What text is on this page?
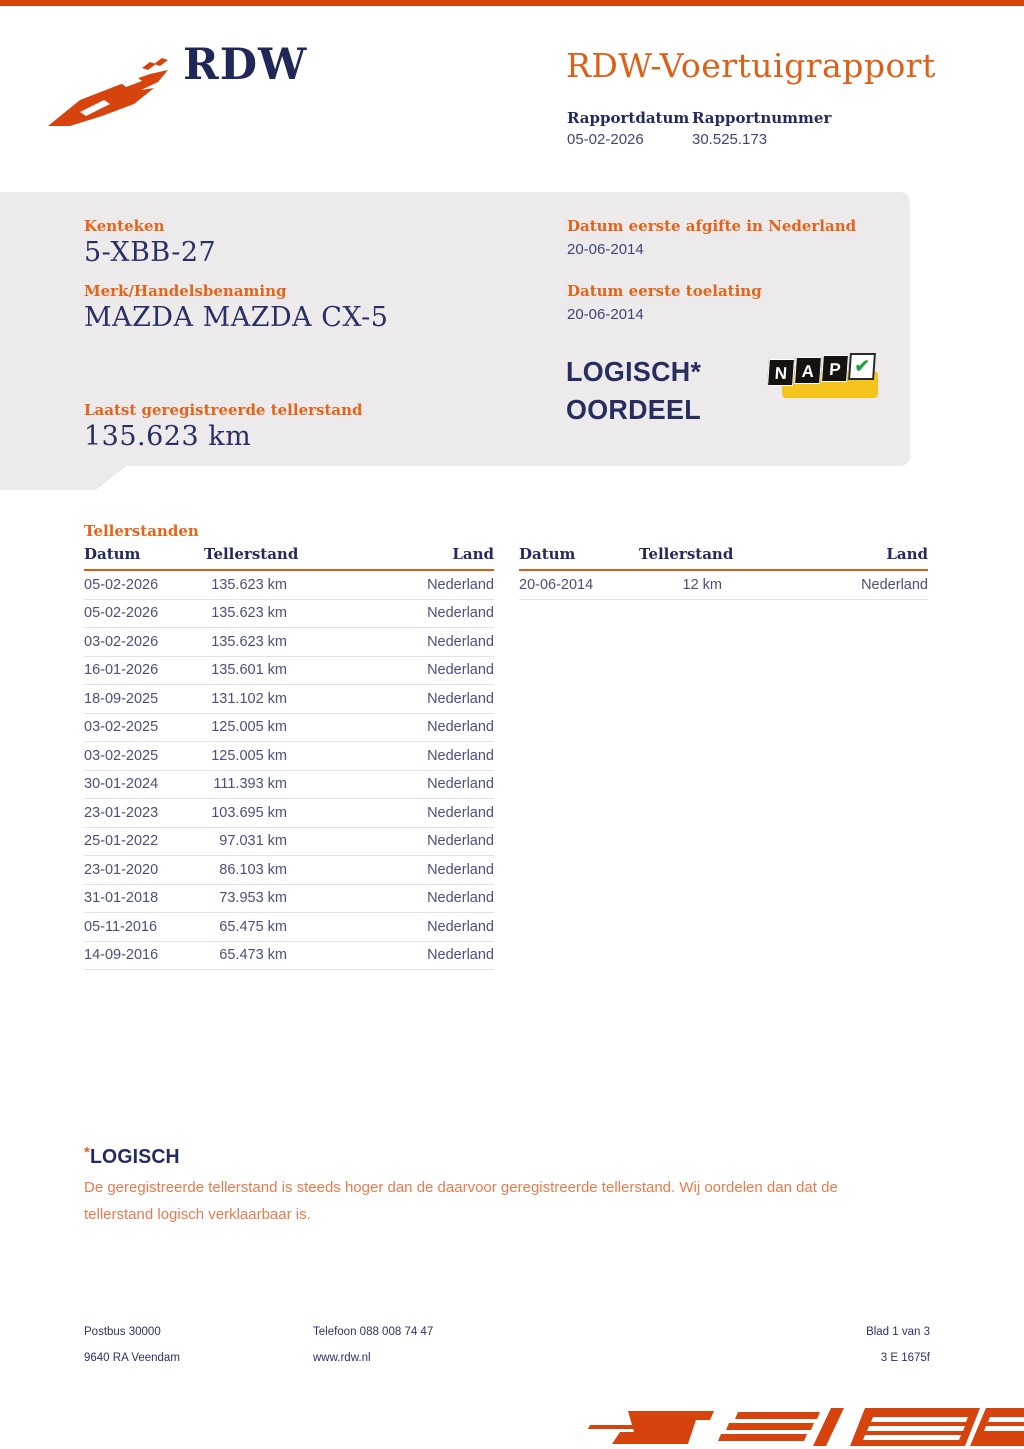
RDW	RDW-Voertuigrapport
Rapportdatum
05-02-2026
Rapportnummer
30.525.173
Kenteken
5-XBB-27
Merk/Handelsbenaming
MAZDA MAZDA CX-5
Laatst geregistreerde tellerstand
135.623 km
Datum eerste afgifte in Nederland
20-06-2014
Datum eerste toelating
20-06-2014
LOGISCH*
OORDEEL
N A P ✔
Tellerstanden
Datum	Tellerstand	Land
05-02-2026	135.623 km	Nederland
05-02-2026	135.623 km	Nederland
03-02-2026	135.623 km	Nederland
16-01-2026	135.601 km	Nederland
18-09-2025	131.102 km	Nederland
03-02-2025	125.005 km	Nederland
03-02-2025	125.005 km	Nederland
30-01-2024	111.393 km	Nederland
23-01-2023	103.695 km	Nederland
25-01-2022	97.031 km	Nederland
23-01-2020	86.103 km	Nederland
31-01-2018	73.953 km	Nederland
05-11-2016	65.475 km	Nederland
14-09-2016	65.473 km	Nederland
Datum	Tellerstand	Land
20-06-2014	12 km	Nederland
*LOGISCH
De geregistreerde tellerstand is steeds hoger dan de daarvoor geregistreerde tellerstand. Wij oordelen dan dat de
tellerstand logisch verklaarbaar is.
Postbus 30000
9640 RA Veendam
Telefoon 088 008 74 47
www.rdw.nl
Blad 1 van 3
3 E 1675f
